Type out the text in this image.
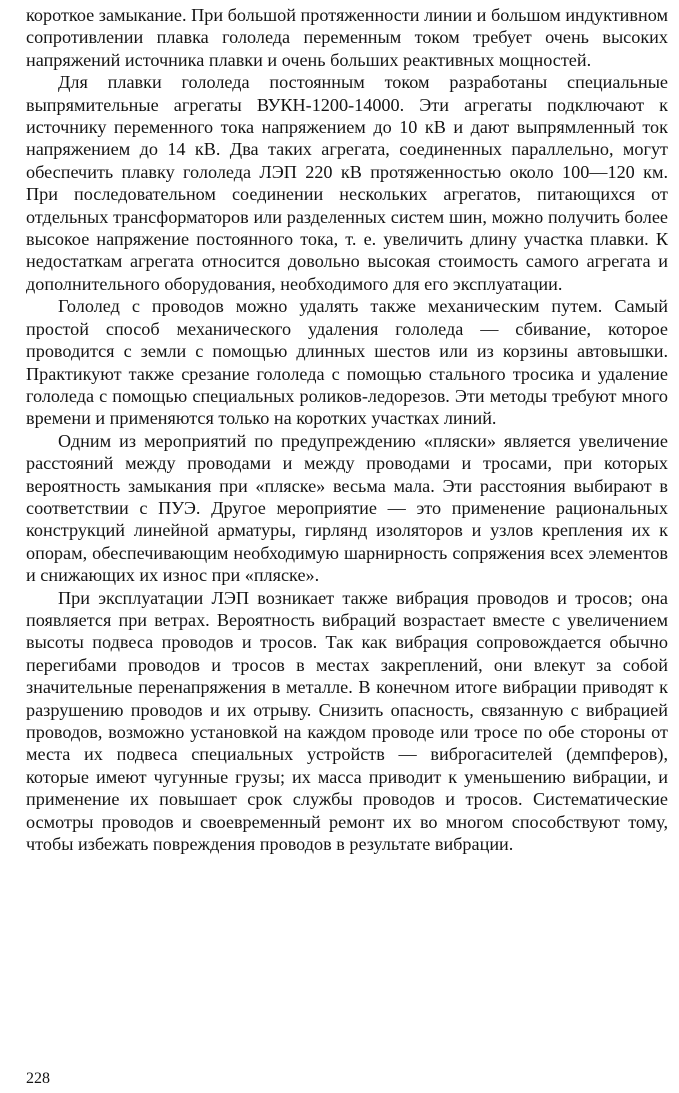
короткое замыкание. При большой протяженности линии и большом индуктивном сопротивлении плавка гололеда переменным током требует очень высоких напряжений источника плавки и очень больших реактивных мощностей.

Для плавки гололеда постоянным током разработаны специальные выпрямительные агрегаты ВУКН-1200-14000. Эти агрегаты подключают к источнику переменного тока напряжением до 10 кВ и дают выпрямленный ток напряжением до 14 кВ. Два таких агрегата, соединенных параллельно, могут обеспечить плавку гололеда ЛЭП 220 кВ протяженностью около 100—120 км. При последовательном соединении нескольких агрегатов, питающихся от отдельных трансформаторов или разделенных систем шин, можно получить более высокое напряжение постоянного тока, т. е. увеличить длину участка плавки. К недостаткам агрегата относится довольно высокая стоимость самого агрегата и дополнительного оборудования, необходимого для его эксплуатации.

Гололед с проводов можно удалять также механическим путем. Самый простой способ механического удаления гололеда — сбивание, которое проводится с земли с помощью длинных шестов или из корзины автовышки. Практикуют также срезание гололеда с помощью стального тросика и удаление гололеда с помощью специальных роликов-ледорезов. Эти методы требуют много времени и применяются только на коротких участках линий.

Одним из мероприятий по предупреждению «пляски» является увеличение расстояний между проводами и между проводами и тросами, при которых вероятность замыкания при «пляске» весьма мала. Эти расстояния выбирают в соответствии с ПУЭ. Другое мероприятие — это применение рациональных конструкций линейной арматуры, гирлянд изоляторов и узлов крепления их к опорам, обеспечивающим необходимую шарнирность сопряжения всех элементов и снижающих их износ при «пляске».

При эксплуатации ЛЭП возникает также вибрация проводов и тросов; она появляется при ветрах. Вероятность вибраций возрастает вместе с увеличением высоты подвеса проводов и тросов. Так как вибрация сопровождается обычно перегибами проводов и тросов в местах закреплений, они влекут за собой значительные перенапряжения в металле. В конечном итоге вибрации приводят к разрушению проводов и их отрыву. Снизить опасность, связанную с вибрацией проводов, возможно установкой на каждом проводе или тросе по обе стороны от места их подвеса специальных устройств — виброгасителей (демпферов), которые имеют чугунные грузы; их масса приводит к уменьшению вибрации, и применение их повышает срок службы проводов и тросов. Систематические осмотры проводов и своевременный ремонт их во многом способствуют тому, чтобы избежать повреждения проводов в результате вибрации.

228
